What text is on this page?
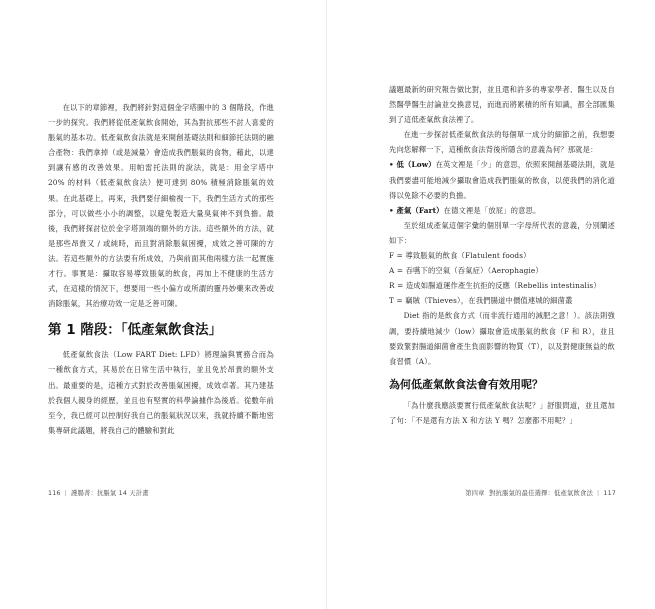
在以下的章節裡，我們將針對這個金字塔圖中的 3 個階段，作進一步的探究。我們將從低產氣飲食開始，其為對抗那些不討人喜愛的脹氣的基本功。低產氣飲食法就是來開創基礎法則和細節托法則的融合產物：我們拿掉（或是減量）會造成我們脹氣的食物，藉此，以達到讓有感的改善效果。用帕雷托法則的說法，就是：用金字塔中 20% 的材料（低產氣飲食法）便可達到 80% 積極消除脹氣的效果。在此基礎上，再來，我們要仔細檢視一下，我們生活方式的那些部分，可以做些小小的調整，以避免製造大量臭氣神不到負擔。最後，我們將探討位於金字塔頂端的額外的方法。這些額外的方法，就是那些昂貴又 / 或純時，而且對消除脹氣困擾，成效之善可陳的方法。若這些額外的方法要有所成效，乃與前面其他兩樣方法一起實施才行。事實是：攝取容易導致脹氣的飲食，再加上不健康的生活方式，在這樣的情況下，想要用一些小偏方或所謂的靈丹妙藥來改善或消除脹氣，其治療功效一定是乏善可陳。

第 1 階段：「低產氣飲食法」

低產氣飲食法（Low FART Diet: LFD）將理論與實務合而為一種飲食方式，其易於在日常生活中執行，並且免於昂貴的額外支出。最重要的是，這種方式對於改善脹氣困擾，成效卓著。其乃建基於我個人親身的經歷，並且也有堅實的科學論據作為後盾。從數年前至今，我已經可以控制好我自己的脹氣狀況以來，我就持續不斷地密集專研此議題，將我自己的體驗和對此

116 | 護腸菁：抗脹氣 14 天計畫

議題最新的研究報告做比對，並且還和許多的專家學者、醫生以及自然醫學醫生討論並交換意見，而進而將累積的所有知識，都全部匯集到了這低產氣飲食法裡了。

在進一步探討低產氣飲食法的每個單一成分的細節之前，我想要先向您解釋一下，這種飲食法背後所隱含的意義為何？那就是：

• 低（Low）在英文裡是「少」的意思，依照來開創基礎法則，就是我們要盡可能地減少攝取會造成我們脹氣的飲食，以使我們的消化道得以免除不必要的負擔。

• 產氣（Fart）在德文裡是「放屁」的意思。

至於組成產氣這個字彙的個別單一字母所代表的意義，分別闡述如下：

F = 導致脹氣的飲食（Flatulent foods）

A = 吞嚥下的空氣（吞氣症）（Aerophagie）

R = 造成如腸道運作產生抗拒的反應（Rebellis intestinalis）

T = 竊賊（Thieves），在我們腸道中價值連城的細菌叢

Diet 指的是飲食方式（而非流行通用的減肥之意！）。該法則強調，要持續地減少（low）攝取會造成脹氣的飲食（F 和 R），並且要致緊對腸道細菌會產生負面影響的物質（T），以及對健康無益的飲食習慣（A）。

為何低產氣飲食法會有效用呢？

「為什麼我應該要實行低產氣飲食法呢？」舒服問道，並且還加了句：「不是還有方法 X 和方法 Y 嗎？怎麼都不用呢？」

第四章 對抗脹氣的最佳選擇：低產氣飲食法 | 117
